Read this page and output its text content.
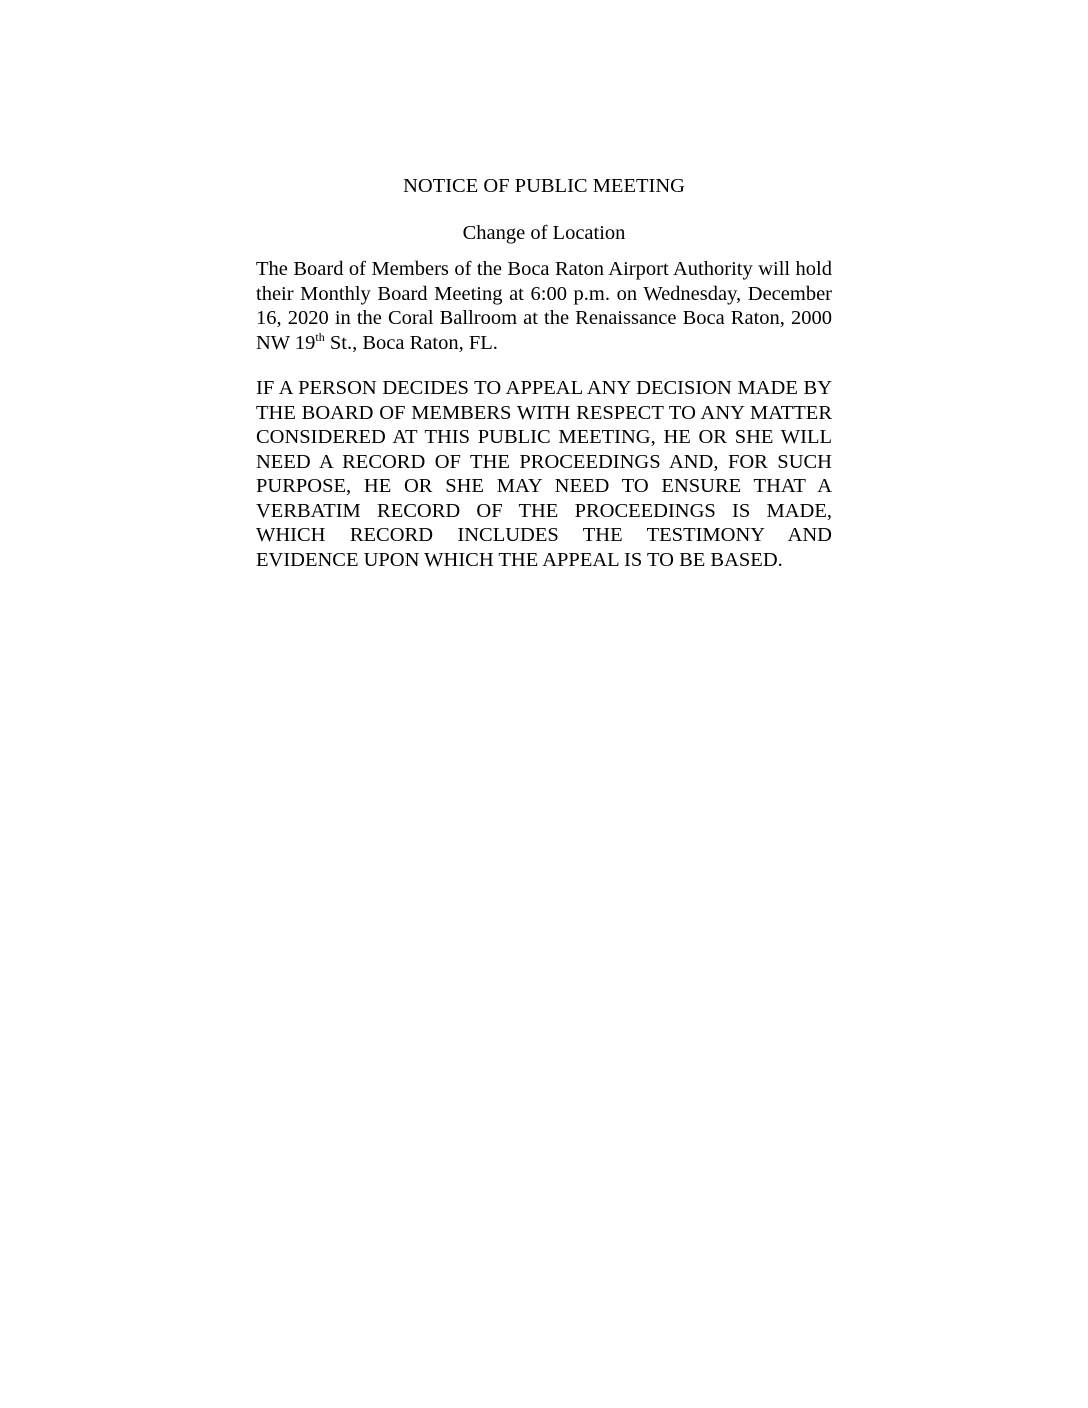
NOTICE OF PUBLIC MEETING

Change of Location

The Board of Members of the Boca Raton Airport Authority will hold their Monthly Board Meeting at 6:00 p.m. on Wednesday, December 16, 2020 in the Coral Ballroom at the Renaissance Boca Raton, 2000 NW 19th St., Boca Raton, FL.

IF A PERSON DECIDES TO APPEAL ANY DECISION MADE BY THE BOARD OF MEMBERS WITH RESPECT TO ANY MATTER CONSIDERED AT THIS PUBLIC MEETING, HE OR SHE WILL NEED A RECORD OF THE PROCEEDINGS AND, FOR SUCH PURPOSE, HE OR SHE MAY NEED TO ENSURE THAT A VERBATIM RECORD OF THE PROCEEDINGS IS MADE, WHICH RECORD INCLUDES THE TESTIMONY AND EVIDENCE UPON WHICH THE APPEAL IS TO BE BASED.
